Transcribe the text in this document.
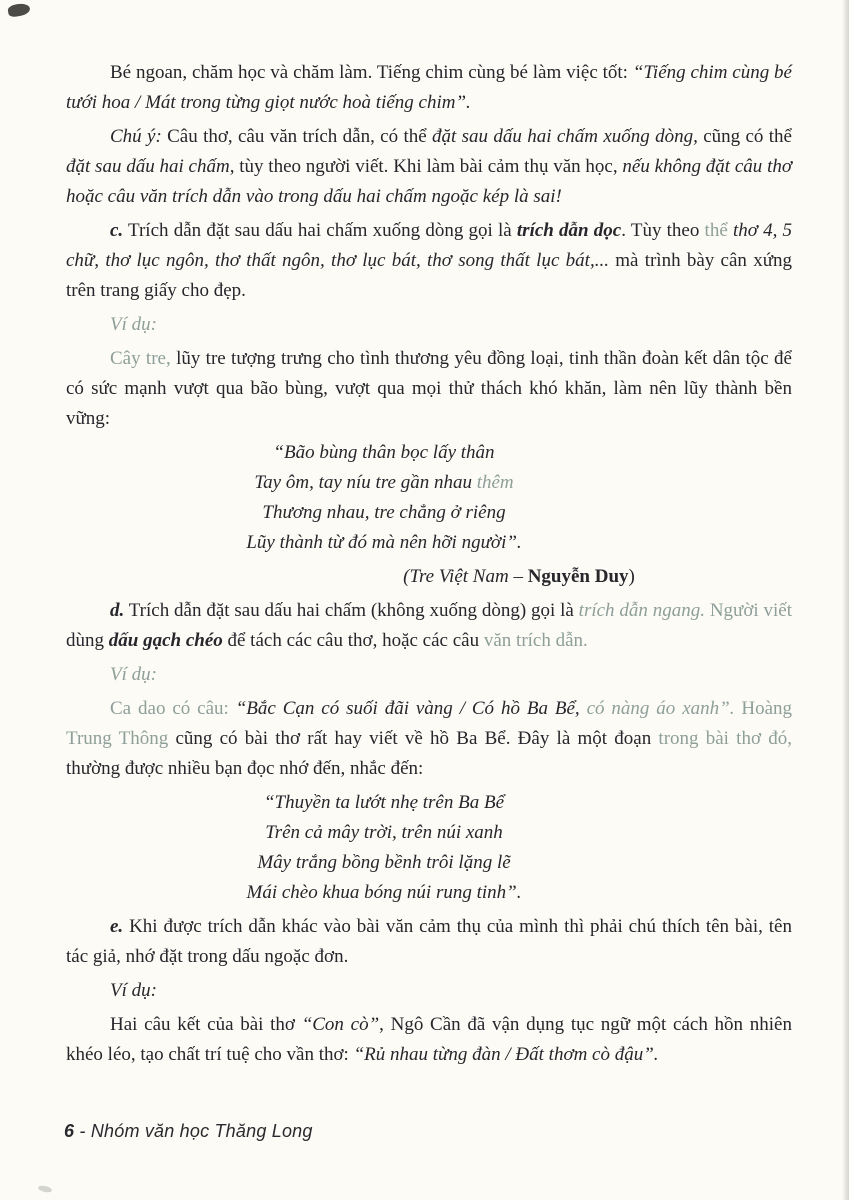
Bé ngoan, chăm học và chăm làm. Tiếng chim cùng bé làm việc tốt: “Tiếng chim cùng bé tưới hoa / Mát trong từng giọt nước hoà tiếng chim”.

Chú ý: Câu thơ, câu văn trích dẫn, có thể đặt sau dấu hai chấm xuống dòng, cũng có thể đặt sau dấu hai chấm, tùy theo người viết. Khi làm bài cảm thụ văn học, nếu không đặt câu thơ hoặc câu văn trích dẫn vào trong dấu hai chấm ngoặc kép là sai!

c. Trích dẫn đặt sau dấu hai chấm xuống dòng gọi là trích dẫn dọc. Tùy theo thể thơ 4, 5 chữ, thơ lục ngôn, thơ thất ngôn, thơ lục bát, thơ song thất lục bát,... mà trình bày cân xứng trên trang giấy cho đẹp.

Ví dụ:

Cây tre, lũy tre tượng trưng cho tình thương yêu đồng loại, tinh thần đoàn kết dân tộc để có sức mạnh vượt qua bão bùng, vượt qua mọi thử thách khó khăn, làm nên lũy thành bền vững:

“Bão bùng thân bọc lấy thân
Tay ôm, tay níu tre gần nhau thêm
Thương nhau, tre chẳng ở riêng
Lũy thành từ đó mà nên hỡi người”.

(Tre Việt Nam – Nguyễn Duy)

d. Trích dẫn đặt sau dấu hai chấm (không xuống dòng) gọi là trích dẫn ngang. Người viết dùng dấu gạch chéo để tách các câu thơ, hoặc các câu văn trích dẫn.

Ví dụ:

Ca dao có câu: “Bắc Cạn có suối đãi vàng / Có hồ Ba Bể, có nàng áo xanh”. Hoàng Trung Thông cũng có bài thơ rất hay viết về hồ Ba Bể. Đây là một đoạn trong bài thơ đó, thường được nhiều bạn đọc nhớ đến, nhắc đến:

“Thuyền ta lướt nhẹ trên Ba Bể
Trên cả mây trời, trên núi xanh
Mây trắng bồng bềnh trôi lặng lẽ
Mái chèo khua bóng núi rung tinh”.

e. Khi được trích dẫn khác vào bài văn cảm thụ của mình thì phải chú thích tên bài, tên tác giả, nhớ đặt trong dấu ngoặc đơn.

Ví dụ:

Hai câu kết của bài thơ “Con cò”, Ngô Cần đã vận dụng tục ngữ một cách hồn nhiên khéo léo, tạo chất trí tuệ cho vần thơ: “Rủ nhau từng đàn / Đất thơm cò đậu”.

6 - Nhóm văn học Thăng Long
